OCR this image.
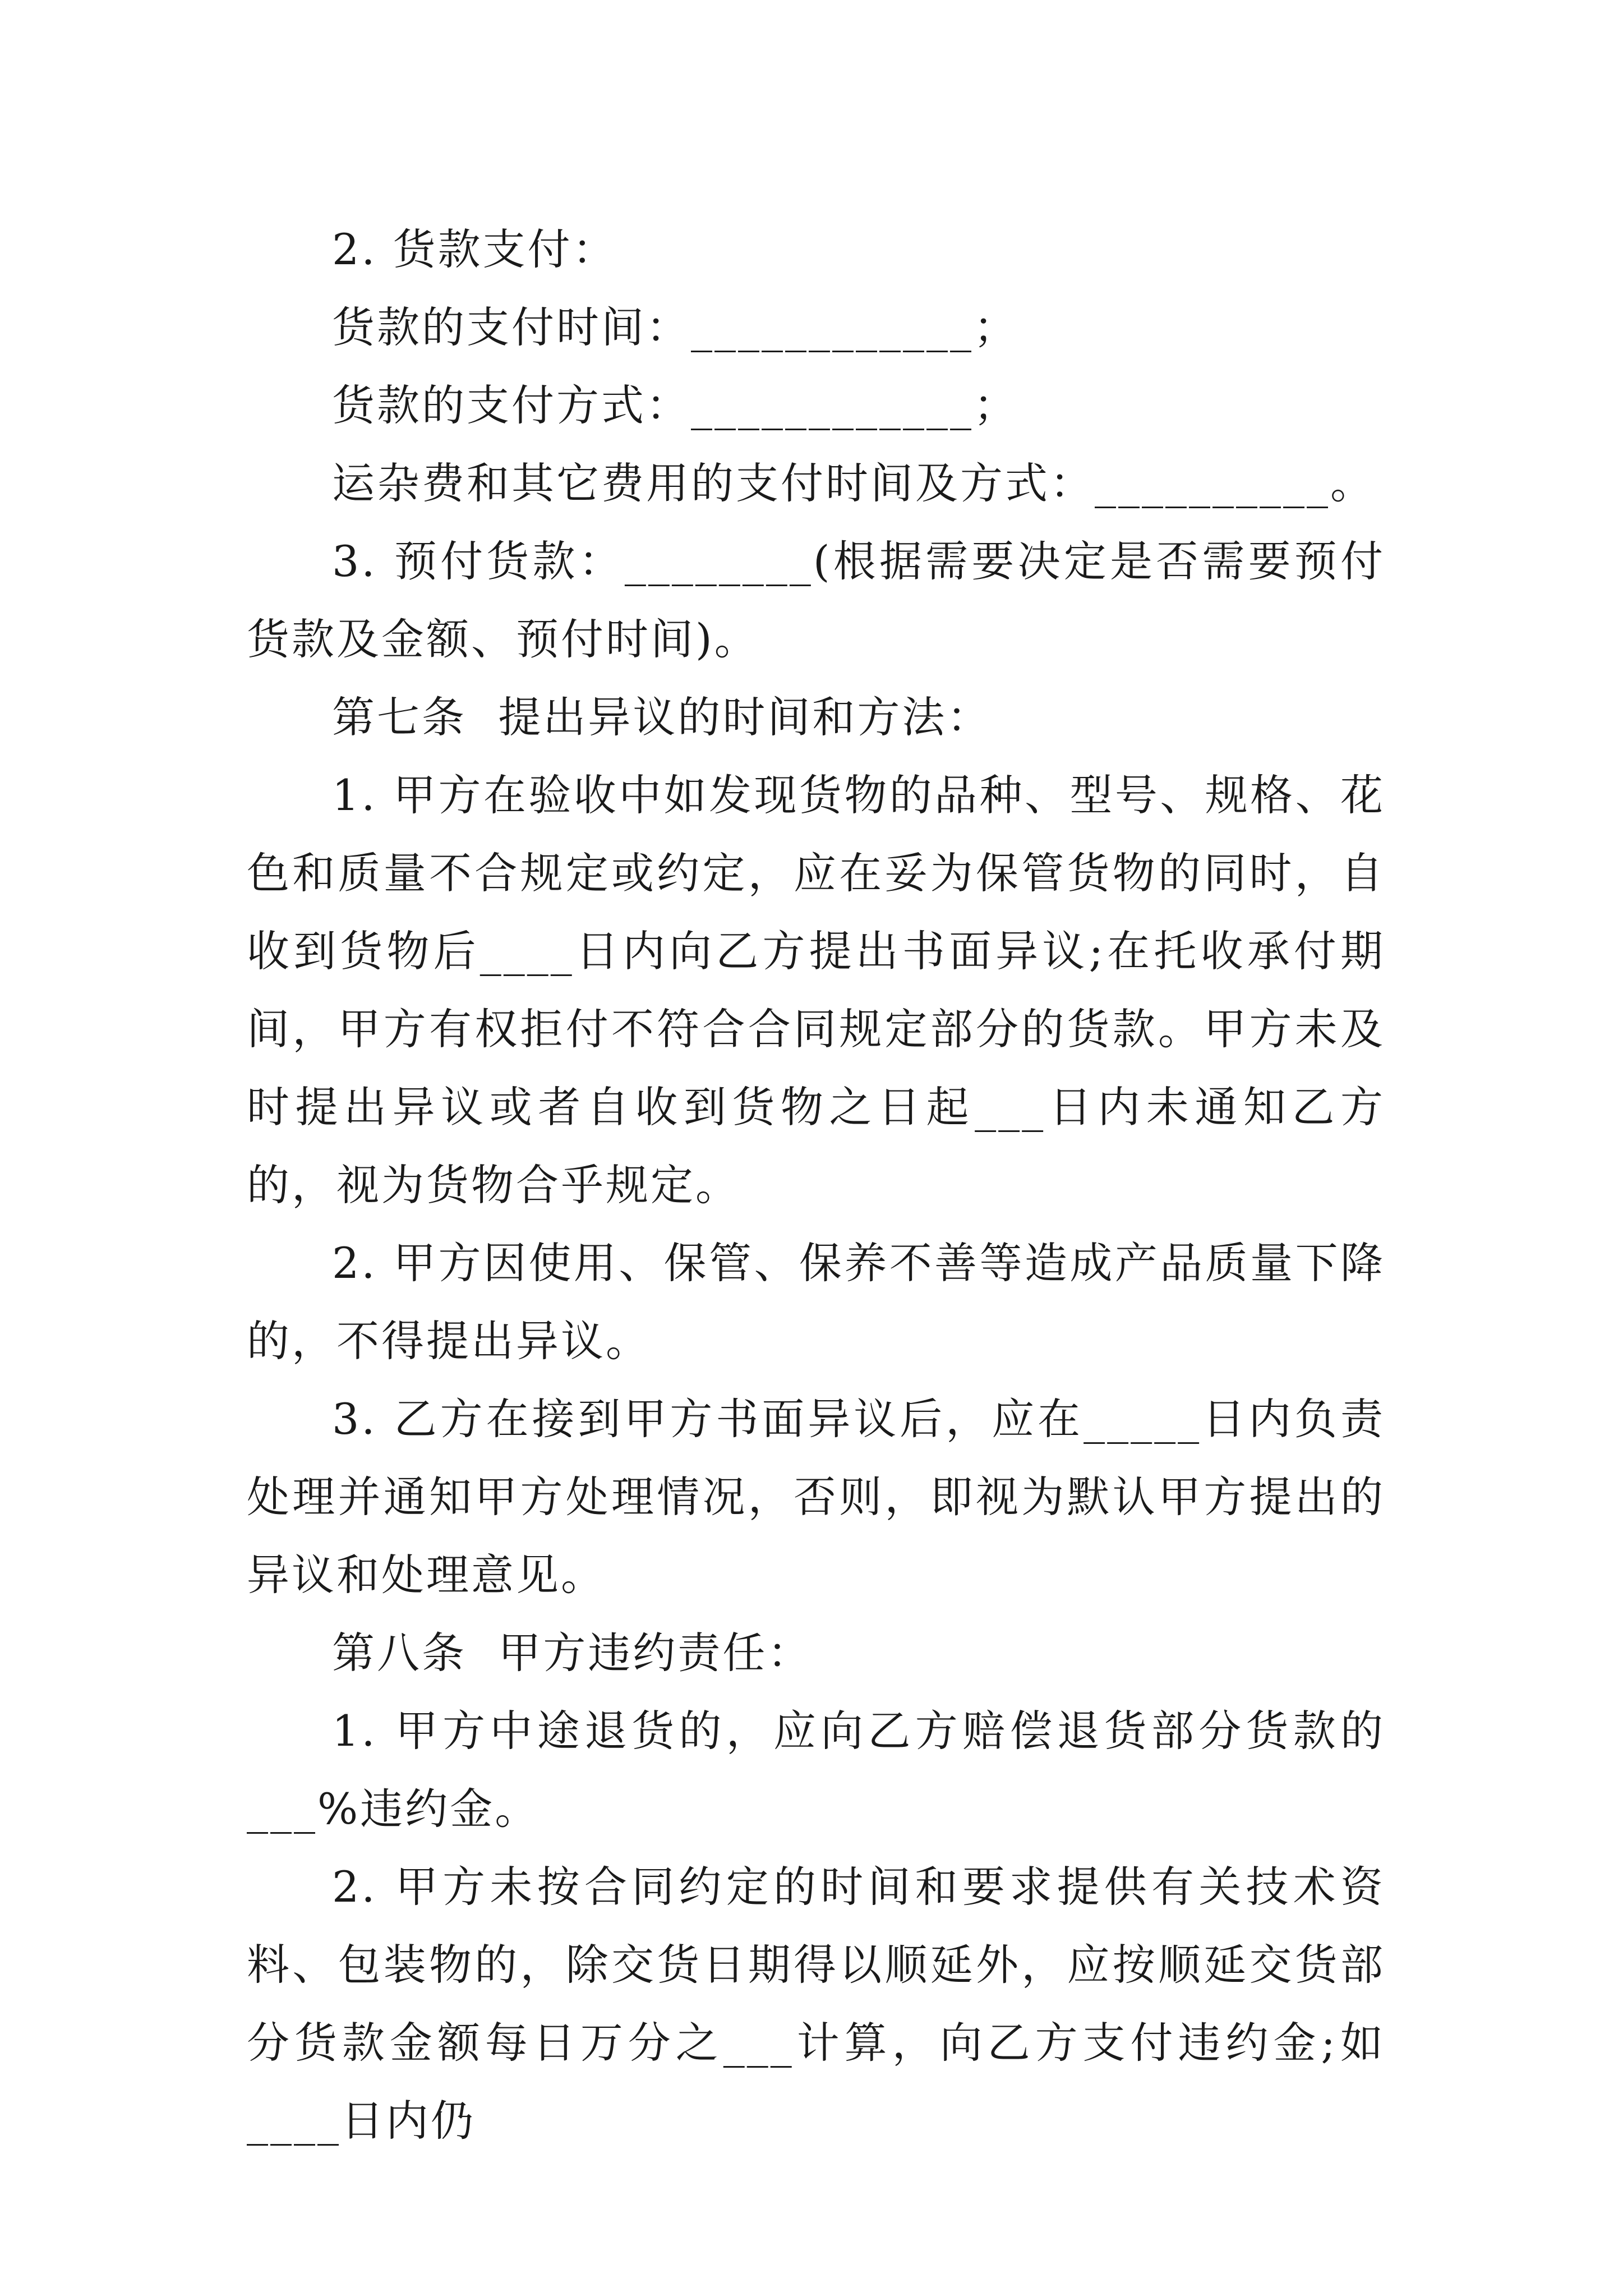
2. 货款支付：

货款的支付时间：____________；

货款的支付方式：____________；

运杂费和其它费用的支付时间及方式：__________。

3. 预付货款：________(根据需要决定是否需要预付货款及金额、预付时间)。

第七条  提出异议的时间和方法：

1. 甲方在验收中如发现货物的品种、型号、规格、花色和质量不合规定或约定，应在妥为保管货物的同时，自收到货物后____日内向乙方提出书面异议;在托收承付期间，甲方有权拒付不符合合同规定部分的货款。甲方未及时提出异议或者自收到货物之日起___日内未通知乙方的，视为货物合乎规定。

2. 甲方因使用、保管、保养不善等造成产品质量下降的，不得提出异议。

3. 乙方在接到甲方书面异议后，应在_____日内负责处理并通知甲方处理情况，否则，即视为默认甲方提出的异议和处理意见。

第八条  甲方违约责任：

1. 甲方中途退货的，应向乙方赔偿退货部分货款的___%违约金。

2. 甲方未按合同约定的时间和要求提供有关技术资料、包装物的，除交货日期得以顺延外，应按顺延交货部分货款金额每日万分之___计算，向乙方支付违约金;如____日内仍
